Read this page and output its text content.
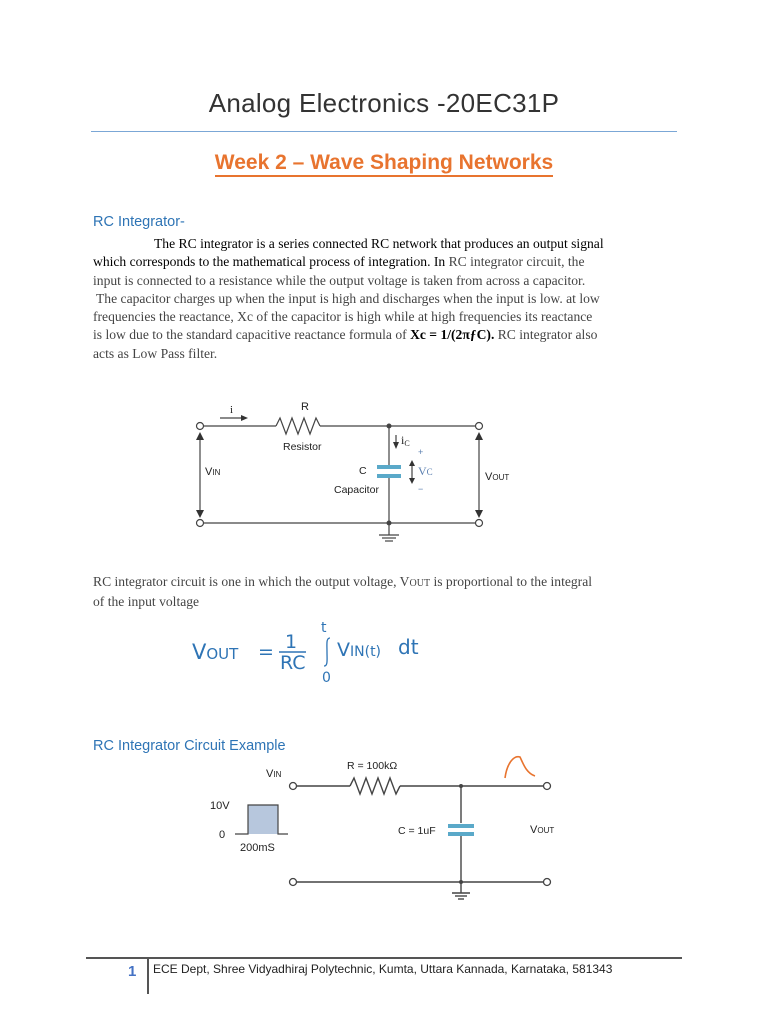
Analog Electronics -20EC31P
Week 2 – Wave Shaping Networks
RC Integrator-
The RC integrator is a series connected RC network that produces an output signal
which corresponds to the mathematical process of integration. In RC integrator circuit, the
input is connected to a resistance while the output voltage is taken from across a capacitor.
The capacitor charges up when the input is high and discharges when the input is low. at low
frequencies the reactance, Xc of the capacitor is high while at high frequencies its reactance
is low due to the standard capacitive reactance formula of Xc = 1/(2πƒC). RC integrator also
acts as Low Pass filter.
i	R
Resistor	iC
C
Capacitor
+
−
VC
VIN	VOUT
RC integrator circuit is one in which the output voltage, VOUT is proportional to the integral
of the input voltage
VOUT = 1
RC
t
0
VIN(t) dt
RC Integrator Circuit Example
VIN
R = 100kΩ
10V
0
200mS
C = 1uF	VOUT
1 ECE Dept, Shree Vidyadhiraj Polytechnic, Kumta, Uttara Kannada, Karnataka, 581343
